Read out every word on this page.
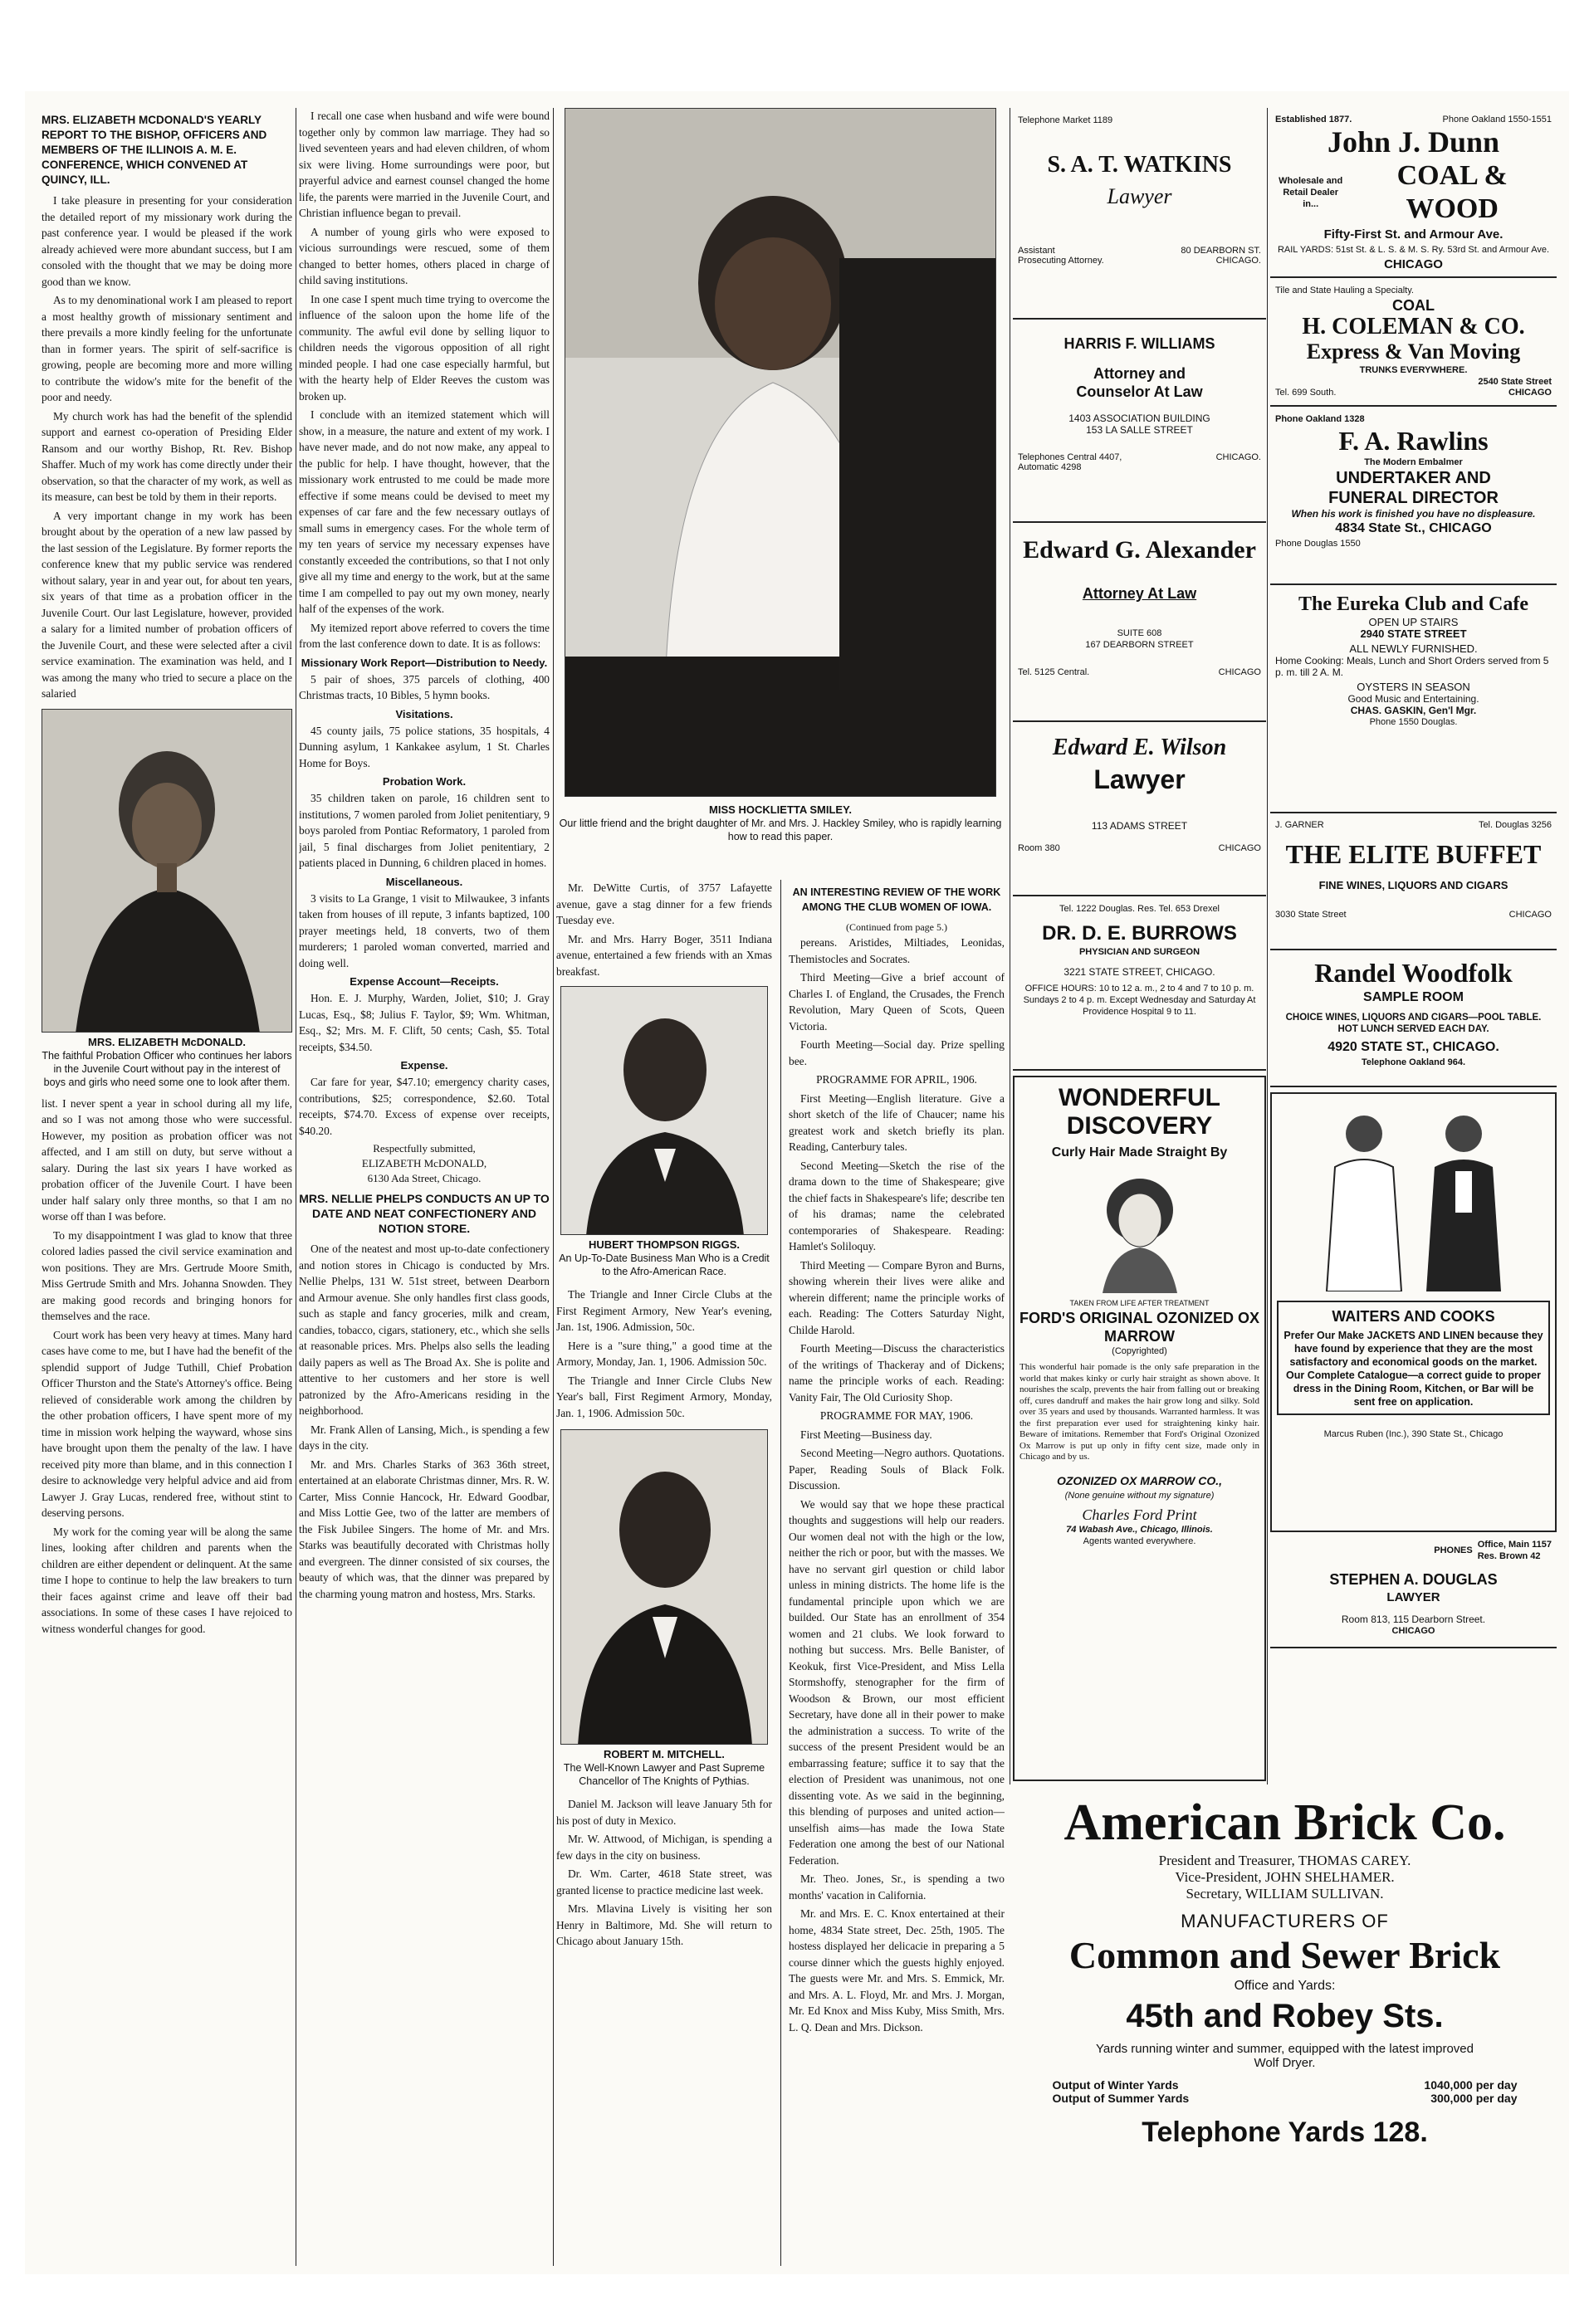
MRS. ELIZABETH MCDONALD'S YEARLY REPORT TO THE BISHOP, OFFICERS AND MEMBERS OF THE ILLINOIS A. M. E. CONFERENCE, WHICH CONVENED AT QUINCY, ILL.

I take pleasure in presenting for your consideration the detailed report of my missionary work during the past conference year. I would be pleased if the work already achieved were more abundant success, but I am consoled with the thought that we may be doing more good than we know.

As to my denominational work I am pleased to report a most healthy growth of missionary sentiment and there prevails a more kindly feeling for the unfortunate than in former years. The spirit of self-sacrifice is growing, people are becoming more and more willing to contribute the widow's mite for the benefit of the poor and needy.

My church work has had the benefit of the splendid support and earnest co-operation of Presiding Elder Ransom and our worthy Bishop, Rt. Rev. Bishop Shaffer. Much of my work has come directly under their observation, so that the character of my work, as well as its measure, can best be told by them in their reports.

A very important change in my work has been brought about by the operation of a new law passed by the last session of the Legislature. By former reports the conference knew that my public service was rendered without salary, year in and year out, for about ten years, six years of that time as a probation officer in the Juvenile Court. Our last Legislature, however, provided a salary for a limited number of probation officers of the Juvenile Court, and these were selected after a civil service examination. The examination was held, and I was among the many who tried to secure a place on the salaried

MRS. ELIZABETH McDONALD.
The faithful Probation Officer who continues her labors in the Juvenile Court without pay in the interest of boys and girls who need some one to look after them.

list. I never spent a year in school during all my life, and so I was not among those who were successful. However, my position as probation officer was not affected, and I am still on duty, but serve without a salary. During the last six years I have worked as probation officer of the Juvenile Court. I have been under half salary only three months, so that I am no worse off than I was before.

To my disappointment I was glad to know that three colored ladies passed the civil service examination and won positions. They are Mrs. Gertrude Moore Smith, Miss Gertrude Smith and Mrs. Johanna Snowden. They are making good records and bringing honors for themselves and the race.

Court work has been very heavy at times. Many hard cases have come to me, but I have had the benefit of the splendid support of Judge Tuthill, Chief Probation Officer Thurston and the State's Attorney's office. Being relieved of considerable work among the children by the other probation officers, I have spent more of my time in mission work helping the wayward, whose sins have brought upon them the penalty of the law. I have received pity more than blame, and in this connection I desire to acknowledge very helpful advice and aid from Lawyer J. Gray Lucas, rendered free, without stint to deserving persons.

My work for the coming year will be along the same lines, looking after children and parents when the children are either dependent or delinquent. At the same time I hope to continue to help the law breakers to turn their faces against crime and leave off their bad associations. In some of these cases I have rejoiced to witness wonderful changes for good.

I recall one case when husband and wife were bound together only by common law marriage. They had so lived seventeen years and had eleven children, of whom six were living. Home surroundings were poor, but prayerful advice and earnest counsel changed the home life, the parents were married in the Juvenile Court, and Christian influence began to prevail.

A number of young girls who were exposed to vicious surroundings were rescued, some of them changed to better homes, others placed in charge of child saving institutions.

In one case I spent much time trying to overcome the influence of the saloon upon the home life of the community. The awful evil done by selling liquor to children needs the vigorous opposition of all right minded people. I had one case especially harmful, but with the hearty help of Elder Reeves the custom was broken up.

I conclude with an itemized statement which will show, in a measure, the nature and extent of my work. I have never made, and do not now make, any appeal to the public for help. I have thought, however, that the missionary work entrusted to me could be made more effective if some means could be devised to meet my expenses of car fare and the few necessary outlays of small sums in emergency cases. For the whole term of my ten years of service my necessary expenses have constantly exceeded the contributions, so that I not only give all my time and energy to the work, but at the same time I am compelled to pay out my own money, nearly half of the expenses of the work.

My itemized report above referred to covers the time from the last conference down to date. It is as follows:

Missionary Work Report—Distribution to Needy.

5 pair of shoes, 375 parcels of clothing, 400 Christmas tracts, 10 Bibles, 5 hymn books.

Visitations.

45 county jails, 75 police stations, 35 hospitals, 4 Dunning asylum, 1 Kankakee asylum, 1 St. Charles Home for Boys.

Probation Work.

35 children taken on parole, 16 children sent to institutions, 7 women paroled from Joliet penitentiary, 9 boys paroled from Pontiac Reformatory, 1 paroled from jail, 5 final discharges from Joliet penitentiary, 2 patients placed in Dunning, 6 children placed in homes.

Miscellaneous.

3 visits to La Grange, 1 visit to Milwaukee, 3 infants taken from houses of ill repute, 3 infants baptized, 100 prayer meetings held, 18 converts, two of them murderers; 1 paroled woman converted, married and doing well.

Expense Account—Receipts.

Hon. E. J. Murphy, Warden, Joliet, $10; J. Gray Lucas, Esq., $8; Julius F. Taylor, $9; Wm. Whitman, Esq., $2; Mrs. M. F. Clift, 50 cents; Cash, $5. Total receipts, $34.50.

Expense.

Car fare for year, $47.10; emergency charity cases, contributions, $25; correspondence, $2.60. Total receipts, $74.70. Excess of expense over receipts, $40.20.

Respectfully submitted,
ELIZABETH McDONALD,
6130 Ada Street, Chicago.
MRS. NELLIE PHELPS CONDUCTS AN UP TO DATE AND NEAT CONFECTIONERY AND NOTION STORE.

One of the neatest and most up-to-date confectionery and notion stores in Chicago is conducted by Mrs. Nellie Phelps, 131 W. 51st street, between Dearborn and Armour avenue. She only handles first class goods, such as staple and fancy groceries, milk and cream, candies, tobacco, cigars, stationery, etc., which she sells at reasonable prices. Mrs. Phelps also sells the leading daily papers as well as The Broad Ax. She is polite and attentive to her customers and her store is well patronized by the Afro-Americans residing in the neighborhood.

Mr. Frank Allen of Lansing, Mich., is spending a few days in the city.

Mr. and Mrs. Charles Starks of 363 36th street, entertained at an elaborate Christmas dinner, Mrs. R. W. Carter, Miss Connie Hancock, Hr. Edward Goodbar, and Miss Lottie Gee, two of the latter are members of the Fisk Jubilee Singers. The home of Mr. and Mrs. Starks was beautifully decorated with Christmas holly and evergreen. The dinner consisted of six courses, the beauty of which was, that the dinner was prepared by the charming young matron and hostess, Mrs. Starks.

MISS HOCKLIETTA SMILEY.
Our little friend and the bright daughter of Mr. and Mrs. J. Hackley Smiley, who is rapidly learning how to read this paper.

Mr. DeWitte Curtis, of 3757 Lafayette avenue, gave a stag dinner for a few friends Tuesday eve.

Mr. and Mrs. Harry Boger, 3511 Indiana avenue, entertained a few friends with an Xmas breakfast.

HUBERT THOMPSON RIGGS.
An Up-To-Date Business Man Who is a Credit to the Afro-American Race.

The Triangle and Inner Circle Clubs at the First Regiment Armory, New Year's evening, Jan. 1st, 1906. Admission, 50c.

Here is a "sure thing," a good time at the Armory, Monday, Jan. 1, 1906. Admission 50c.

The Triangle and Inner Circle Clubs New Year's ball, First Regiment Armory, Monday, Jan. 1, 1906. Admission 50c.

ROBERT M. MITCHELL.
The Well-Known Lawyer and Past Supreme Chancellor of The Knights of Pythias.

Daniel M. Jackson will leave January 5th for his post of duty in Mexico.

Mr. W. Attwood, of Michigan, is spending a few days in the city on business.

Dr. Wm. Carter, 4618 State street, was granted license to practice medicine last week.

Mrs. Mlavina Lively is visiting her son Henry in Baltimore, Md. She will return to Chicago about January 15th.

AN INTERESTING REVIEW OF THE WORK AMONG THE CLUB WOMEN OF IOWA.
(Continued from page 5.)

pereans. Aristides, Miltiades, Leonidas, Themistocles and Socrates.

Third Meeting—Give a brief account of Charles I. of England, the Crusades, the French Revolution, Mary Queen of Scots, Queen Victoria.

Fourth Meeting—Social day. Prize spelling bee.

PROGRAMME FOR APRIL, 1906.

First Meeting—English literature. Give a short sketch of the life of Chaucer; name his greatest work and sketch briefly its plan. Reading, Canterbury tales.

Second Meeting—Sketch the rise of the drama down to the time of Shakespeare; give the chief facts in Shakespeare's life; describe ten of his dramas; name the celebrated contemporaries of Shakespeare. Reading: Hamlet's Soliloquy.

Third Meeting — Compare Byron and Burns, showing wherein their lives were alike and wherein different; name the principle works of each. Reading: The Cotters Saturday Night, Childe Harold.

Fourth Meeting—Discuss the characteristics of the writings of Thackeray and of Dickens; name the principle works of each. Reading: Vanity Fair, The Old Curiosity Shop.

PROGRAMME FOR MAY, 1906.

First Meeting—Business day.

Second Meeting—Negro authors. Quotations. Paper, Reading Souls of Black Folk. Discussion.

We would say that we hope these practical thoughts and suggestions will help our readers. Our women deal not with the high or the low, neither the rich or poor, but with the masses. We have no servant girl question or child labor unless in mining districts. The home life is the fundamental principle upon which we are builded. Our State has an enrollment of 354 women and 21 clubs. We look forward to nothing but success. Mrs. Belle Banister, of Keokuk, first Vice-President, and Miss Lella Stormshoffy, stenographer for the firm of Woodson & Brown, our most efficient Secretary, have done all in their power to make the administration a success. To write of the success of the present President would be an embarrassing feature; suffice it to say that the election of President was unanimous, not one dissenting vote. As we said in the beginning, this blending of purposes and united action—unselfish aims—has made the Iowa State Federation one among the best of our National Federation.

Mr. Theo. Jones, Sr., is spending a two months' vacation in California.

Mr. and Mrs. E. C. Knox entertained at their home, 4834 State street, Dec. 25th, 1905. The hostess displayed her delicacie in preparing a 5 course dinner which the guests highly enjoyed. The guests were Mr. and Mrs. S. Emmick, Mr. and Mrs. A. L. Floyd, Mr. and Mrs. J. Morgan, Mr. Ed Knox and Miss Kuby, Miss Smith, Mrs. L. Q. Dean and Mrs. Dickson.

Telephone Market 1189
S. A. T. WATKINS
Lawyer
Assistant	80 DEARBORN ST.
Prosecuting Attorney.	CHICAGO.
HARRIS F. WILLIAMS
Attorney and
Counselor At Law
1403 ASSOCIATION BUILDING
153 LA SALLE STREET
Telephones Central 4407, Automatic 4298
CHICAGO.
Edward G. Alexander
Attorney At Law
SUITE 608
167 DEARBORN STREET
Tel. 5125 Central.	CHICAGO
Edward E. Wilson
Lawyer
113 ADAMS STREET
Room 380	CHICAGO
Tel. 1222 Douglas. Res. Tel. 653 Drexel
DR. D. E. BURROWS
PHYSICIAN AND SURGEON
3221 STATE STREET, CHICAGO.
OFFICE HOURS: 10 to 12 a. m., 2 to 4 and 7 to 10 p. m. Sundays 2 to 4 p. m. Except Wednesday and Saturday At Providence Hospital 9 to 11.
WONDERFUL
DISCOVERY
Curly Hair Made Straight By
TAKEN FROM LIFE AFTER TREATMENT
FORD'S ORIGINAL OZONIZED OX MARROW
(Copyrighted)
This wonderful hair pomade is the only safe preparation in the world that makes kinky or curly hair straight as shown above. It nourishes the scalp, prevents the hair from falling out or breaking off, cures dandruff and makes the hair grow long and silky. Sold over 35 years and used by thousands. Warranted harmless. It was the first preparation ever used for straightening kinky hair. Beware of imitations. Remember that Ford's Original Ozonized Ox Marrow is put up only in fifty cent size, made only in Chicago and by us.
OZONIZED OX MARROW CO.,
(None genuine without my signature)
Charles Ford Print
74 Wabash Ave., Chicago, Illinois.
Agents wanted everywhere.
Established 1877.	Phone Oakland 1550-1551
John J. Dunn
Wholesale and Retail Dealer in...
COAL & WOOD
Fifty-First St. and Armour Ave.
RAIL YARDS: 51st St. & L. S. & M. S. Ry. 53rd St. and Armour Ave.
CHICAGO
Tile and State Hauling a Specialty.
COAL
H. COLEMAN & CO.
Express & Van Moving
TRUNKS EVERYWHERE.
2540 State Street
Tel. 699 South.	CHICAGO
Phone Oakland 1328
F. A. Rawlins
The Modern Embalmer
UNDERTAKER AND
FUNERAL DIRECTOR
When his work is finished you have no displeasure.
4834 State St., CHICAGO
Phone Douglas 1550
The Eureka Club and Cafe
OPEN UP STAIRS
2940 STATE STREET
ALL NEWLY FURNISHED.
Home Cooking: Meals, Lunch and Short Orders served from 5 p. m. till 2 A. M.
OYSTERS IN SEASON
Good Music and Entertaining.
CHAS. GASKIN, Gen'l Mgr.
Phone 1550 Douglas.
J. GARNER	Tel. Douglas 3256
THE ELITE BUFFET
FINE WINES, LIQUORS AND CIGARS
3030 State Street	CHICAGO
Randel Woodfolk
SAMPLE ROOM
CHOICE WINES, LIQUORS AND CIGARS—POOL TABLE. HOT LUNCH SERVED EACH DAY.
4920 STATE ST., CHICAGO.
Telephone Oakland 964.
WAITERS AND COOKS
Prefer Our Make JACKETS AND LINEN because they have found by experience that they are the most satisfactory and economical goods on the market. Our Complete Catalogue—a correct guide to proper dress in the Dining Room, Kitchen, or Bar will be sent free on application.
Marcus Ruben (Inc.), 390 State St., Chicago
PHONES
Office, Main 1157
Res. Brown 42
STEPHEN A. DOUGLAS
LAWYER
Room 813, 115 Dearborn Street.
CHICAGO
American Brick Co.
President and Treasurer, THOMAS CAREY.
Vice-President, JOHN SHELHAMER.
Secretary, WILLIAM SULLIVAN.
MANUFACTURERS OF
Common and Sewer Brick
Office and Yards:
45th and Robey Sts.
Yards running winter and summer, equipped with the latest improved Wolf Dryer.
Output of Winter Yards	1040,000 per day
Output of Summer Yards	300,000 per day
Telephone Yards 128.
